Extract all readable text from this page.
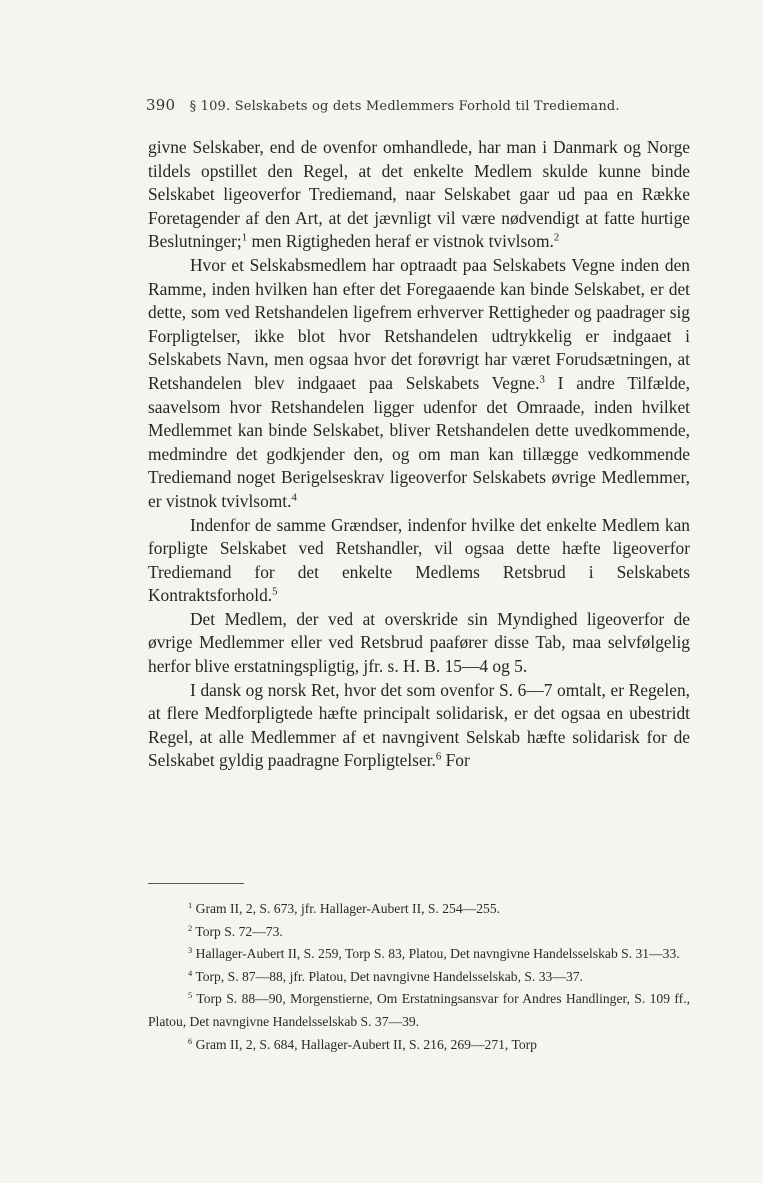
390 § 109. Selskabets og dets Medlemmers Forhold til Trediemand.

givne Selskaber, end de ovenfor omhandlede, har man i Danmark og Norge tildels opstillet den Regel, at det enkelte Medlem skulde kunne binde Selskabet ligeoverfor Trediemand, naar Selskabet gaar ud paa en Række Foretagender af den Art, at det jævnligt vil være nødvendigt at fatte hurtige Beslutninger;$^1$ men Rigtigheden heraf er vistnok tvivlsom.$^2$

Hvor et Selskabsmedlem har optraadt paa Selskabets Vegne inden den Ramme, inden hvilken han efter det Foregaaende kan binde Selskabet, er det dette, som ved Retshandelen ligefrem erhverver Rettigheder og paadrager sig Forpligtelser, ikke blot hvor Retshandelen udtrykkelig er indgaaet i Selskabets Navn, men ogsaa hvor det forøvrigt har været Forudsætningen, at Retshandelen blev indgaaet paa Selskabets Vegne.$^3$ I andre Tilfælde, saavelsom hvor Retshandelen ligger udenfor det Omraade, inden hvilket Medlemmet kan binde Selskabet, bliver Retshandelen dette uvedkommende, medmindre det godkjender den, og om man kan tillægge vedkommende Trediemand noget Berigelseskrav ligeoverfor Selskabets øvrige Medlemmer, er vistnok tvivlsomt.$^4$

Indenfor de samme Grændser, indenfor hvilke det enkelte Medlem kan forpligte Selskabet ved Retshandler, vil ogsaa dette hæfte ligeoverfor Trediemand for det enkelte Medlems Retsbrud i Selskabets Kontraktsforhold.$^5$

Det Medlem, der ved at overskride sin Myndighed ligeoverfor de øvrige Medlemmer eller ved Retsbrud paafører disse Tab, maa selvfølgelig herfor blive erstatningspligtig, jfr. s. H. B. 15—4 og 5.

I dansk og norsk Ret, hvor det som ovenfor S. 6—7 omtalt, er Regelen, at flere Medforpligtede hæfte principalt solidarisk, er det ogsaa en ubestridt Regel, at alle Medlemmer af et navngivent Selskab hæfte solidarisk for de Selskabet gyldig paadragne Forpligtelser.$^6$ For

$^1$ Gram II, 2, S. 673, jfr. Hallager-Aubert II, S. 254—255.

$^2$ Torp S. 72—73.

$^3$ Hallager-Aubert II, S. 259, Torp S. 83, Platou, Det navngivne Handelsselskab S. 31—33.

$^4$ Torp, S. 87—88, jfr. Platou, Det navngivne Handelsselskab, S. 33—37.

$^5$ Torp S. 88—90, Morgenstierne, Om Erstatningsansvar for Andres Handlinger, S. 109 ff., Platou, Det navngivne Handelsselskab S. 37—39.

$^6$ Gram II, 2, S. 684, Hallager-Aubert II, S. 216, 269—271, Torp
